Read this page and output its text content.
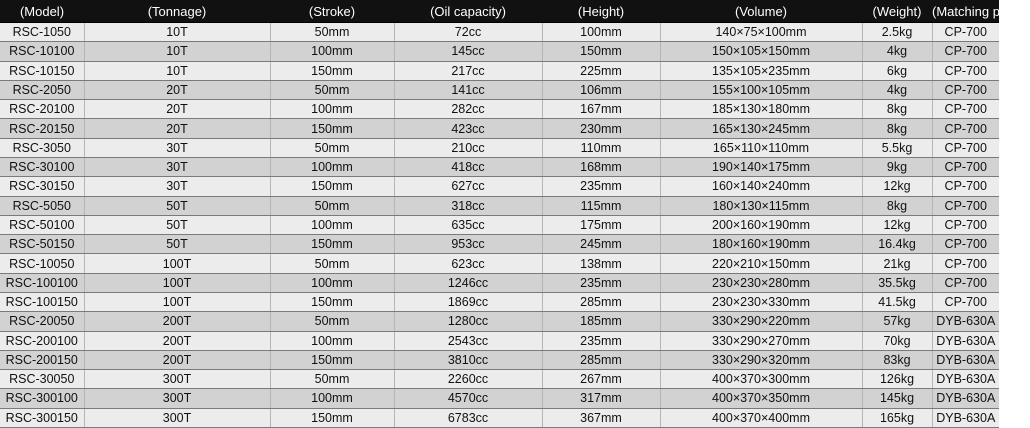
(Model)	(Tonnage)	(Stroke)	(Oil capacity)	(Height)	(Volume)	(Weight)	(Matching pump)
RSC-1050	10T	50mm	72cc	100mm	140×75×100mm	2.5kg	CP-700
RSC-10100	10T	100mm	145cc	150mm	150×105×150mm	4kg	CP-700
RSC-10150	10T	150mm	217cc	225mm	135×105×235mm	6kg	CP-700
RSC-2050	20T	50mm	141cc	106mm	155×100×105mm	4kg	CP-700
RSC-20100	20T	100mm	282cc	167mm	185×130×180mm	8kg	CP-700
RSC-20150	20T	150mm	423cc	230mm	165×130×245mm	8kg	CP-700
RSC-3050	30T	50mm	210cc	110mm	165×110×110mm	5.5kg	CP-700
RSC-30100	30T	100mm	418cc	168mm	190×140×175mm	9kg	CP-700
RSC-30150	30T	150mm	627cc	235mm	160×140×240mm	12kg	CP-700
RSC-5050	50T	50mm	318cc	115mm	180×130×115mm	8kg	CP-700
RSC-50100	50T	100mm	635cc	175mm	200×160×190mm	12kg	CP-700
RSC-50150	50T	150mm	953cc	245mm	180×160×190mm	16.4kg	CP-700
RSC-10050	100T	50mm	623cc	138mm	220×210×150mm	21kg	CP-700
RSC-100100	100T	100mm	1246cc	235mm	230×230×280mm	35.5kg	CP-700
RSC-100150	100T	150mm	1869cc	285mm	230×230×330mm	41.5kg	CP-700
RSC-20050	200T	50mm	1280cc	185mm	330×290×220mm	57kg	DYB-630A
RSC-200100	200T	100mm	2543cc	235mm	330×290×270mm	70kg	DYB-630A
RSC-200150	200T	150mm	3810cc	285mm	330×290×320mm	83kg	DYB-630A
RSC-30050	300T	50mm	2260cc	267mm	400×370×300mm	126kg	DYB-630A
RSC-300100	300T	100mm	4570cc	317mm	400×370×350mm	145kg	DYB-630A
RSC-300150	300T	150mm	6783cc	367mm	400×370×400mm	165kg	DYB-630A
